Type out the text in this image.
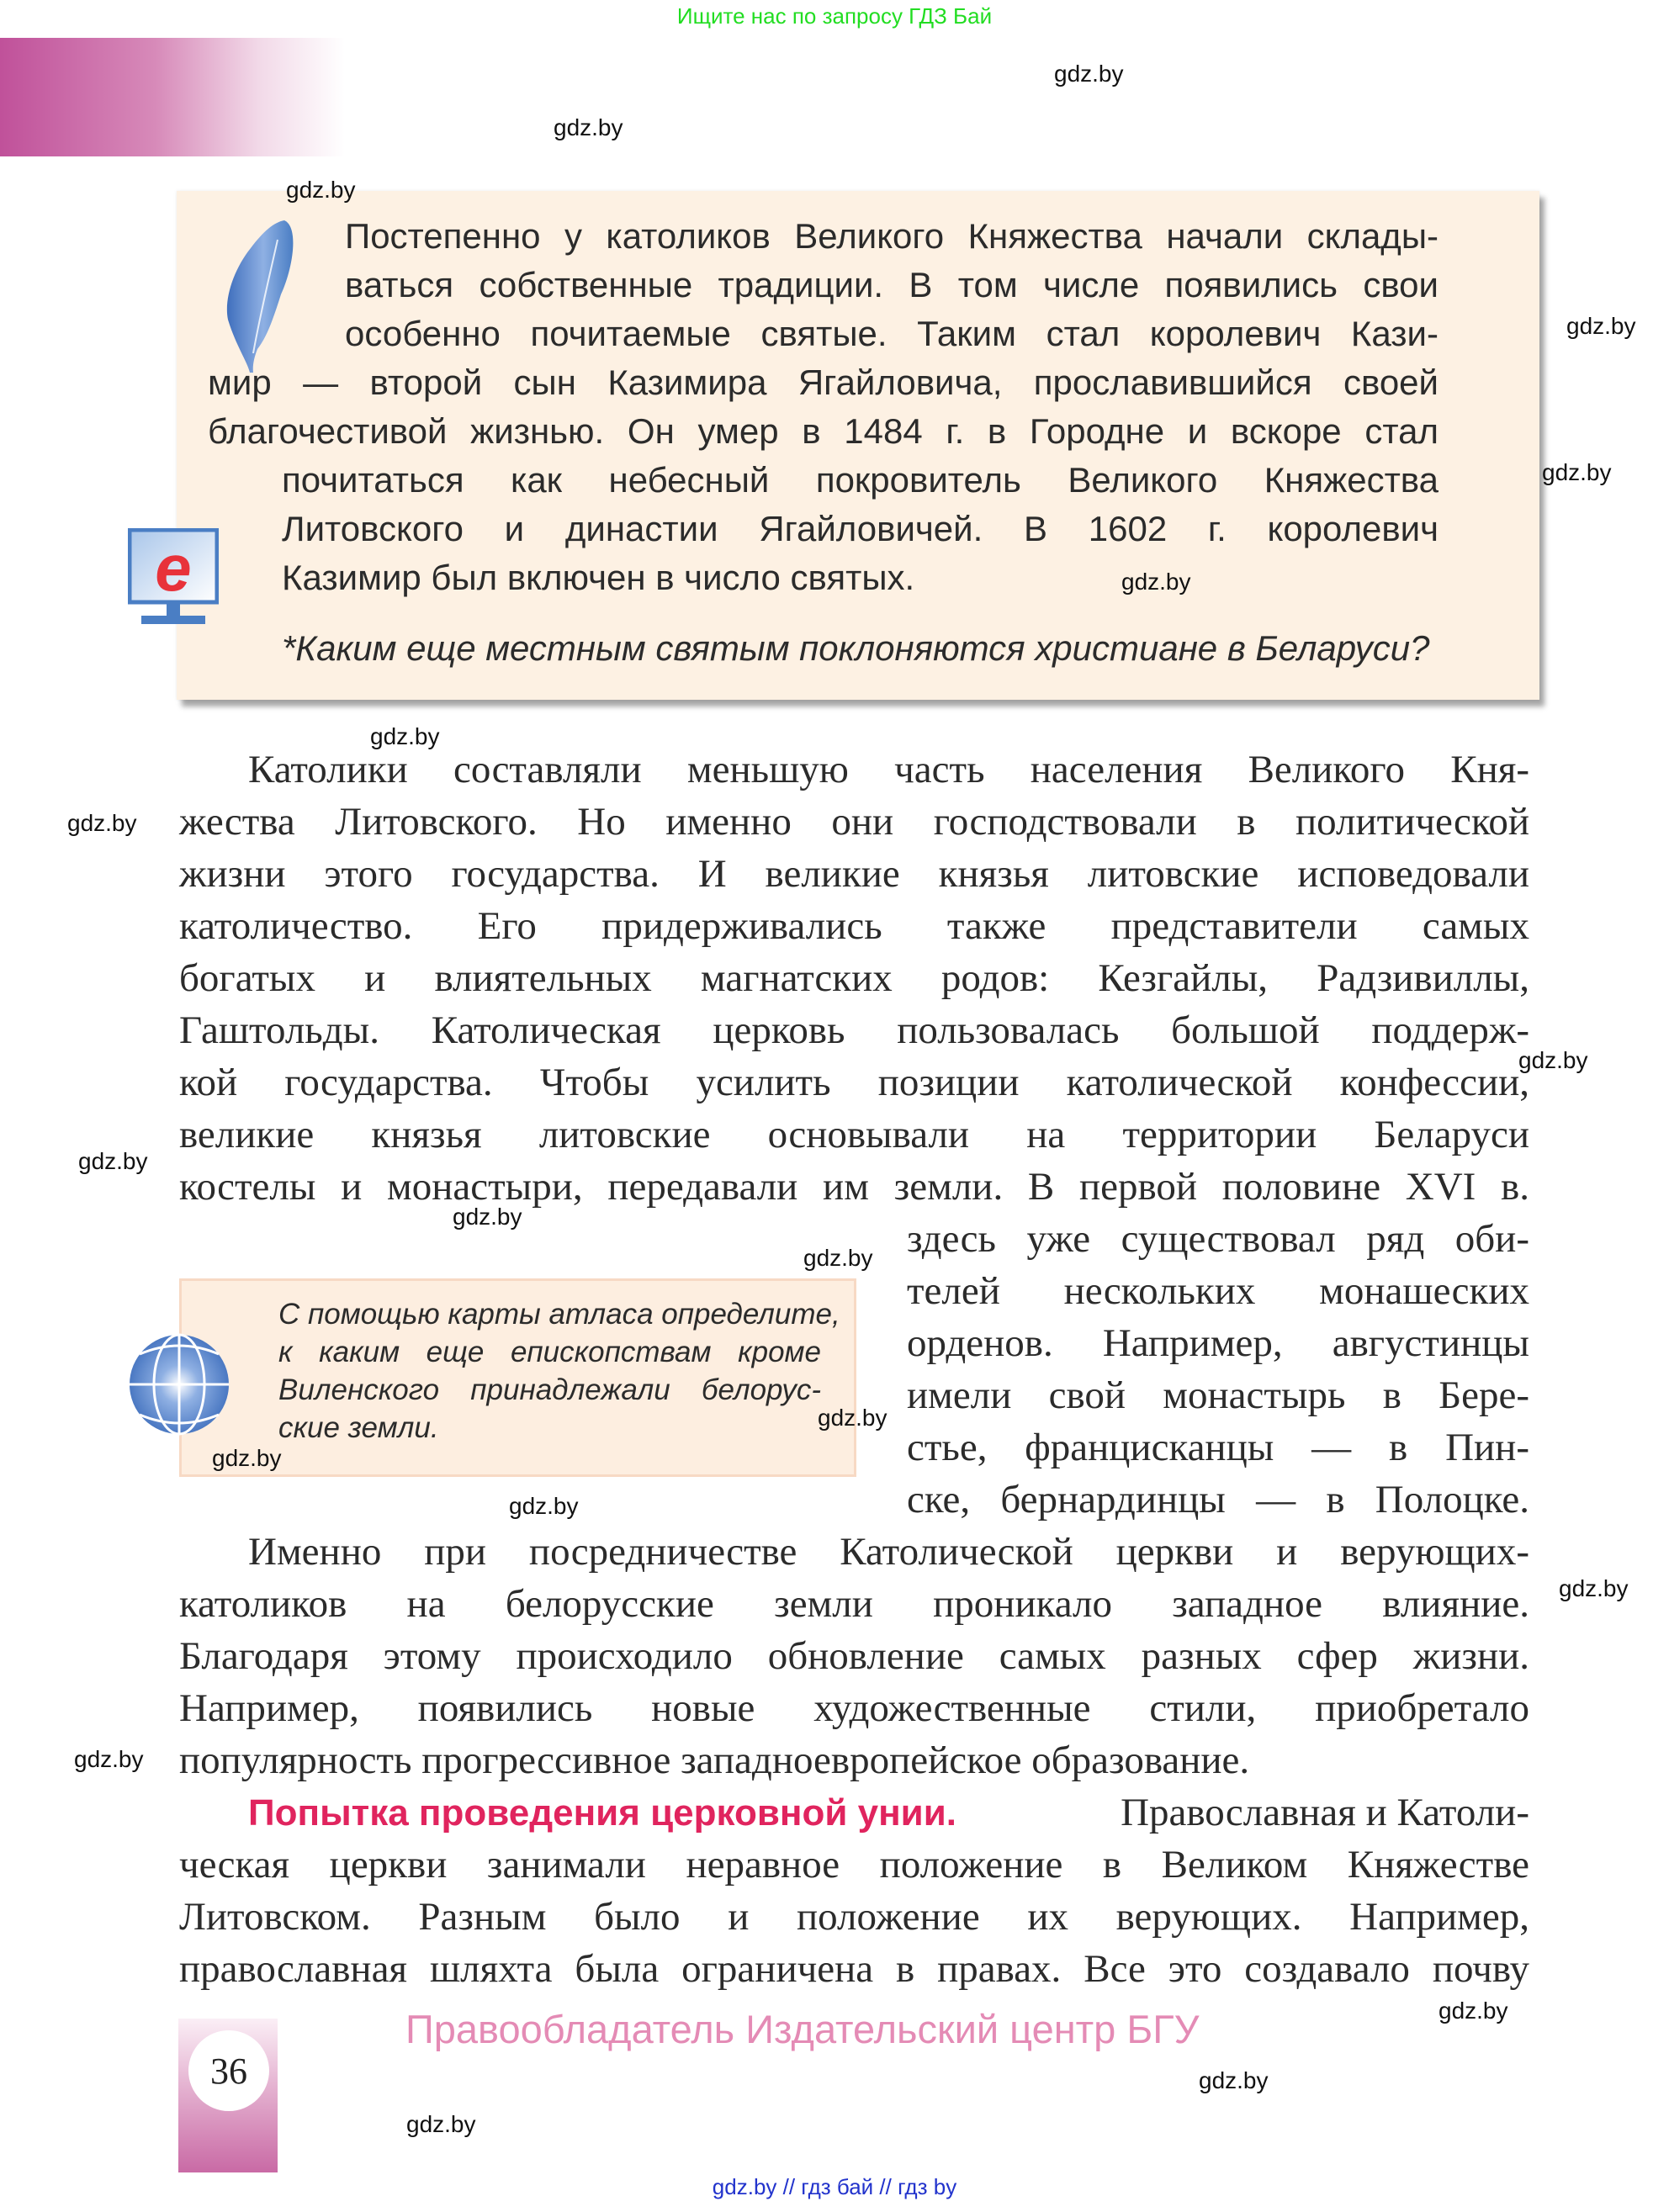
Ищите нас по запросу ГДЗ Бай
Постепенно у католиков Великого Княжества начали склады-
ваться собственные традиции. В том числе появились свои
особенно почитаемые святые. Таким стал королевич Кази-
мир — второй сын Казимира Ягайловича, прославившийся своей
благочестивой жизнью. Он умер в 1484 г. в Городне и вскоре стал
почитаться как небесный покровитель Великого Княжества
Литовского и династии Ягайловичей. В 1602 г. королевич
Казимир был включен в число святых.
*Каким еще местным святым поклоняются христиане в Беларуси?
e
Католики составляли меньшую часть населения Великого Кня-
жества Литовского. Но именно они господствовали в политической
жизни этого государства. И великие князья литовские исповедовали
католичество. Его придерживались также представители самых
богатых и влиятельных магнатских родов: Кезгайлы, Радзивиллы,
Гаштольды. Католическая церковь пользовалась большой поддерж-
кой государства. Чтобы усилить позиции католической конфессии,
великие князья литовские основывали на территории Беларуси
костелы и монастыри, передавали им земли. В первой половине XVI в.
здесь уже существовал ряд оби-
телей нескольких монашеских
орденов. Например, августинцы
имели свой монастырь в Бере-
стье, францисканцы — в Пин-
ске, бернардинцы — в Полоцке.
С помощью карты атласа определите,
к каким еще епископствам кроме
Виленского принадлежали белорус-
ские земли.
Именно при посредничестве Католической церкви и верующих-
католиков на белорусские земли проникало западное влияние.
Благодаря этому происходило обновление самых разных сфер жизни.
Например, появились новые художественные стили, приобретало
популярность прогрессивное западноевропейское образование.
Попытка проведения церковной унии.	Православная и Католи-
ческая церкви занимали неравное положение в Великом Княжестве
Литовском. Разным было и положение их верующих. Например,
православная шляхта была ограничена в правах. Все это создавало почву
36
Правообладатель Издательский центр БГУ
gdz.by // гдз бай // гдз by
gdz.by
gdz.by
gdz.by
gdz.by
gdz.by
gdz.by
gdz.by
gdz.by
gdz.by
gdz.by
gdz.by
gdz.by
gdz.by
gdz.by
gdz.by
gdz.by
gdz.by
gdz.by
gdz.by
gdz.by
